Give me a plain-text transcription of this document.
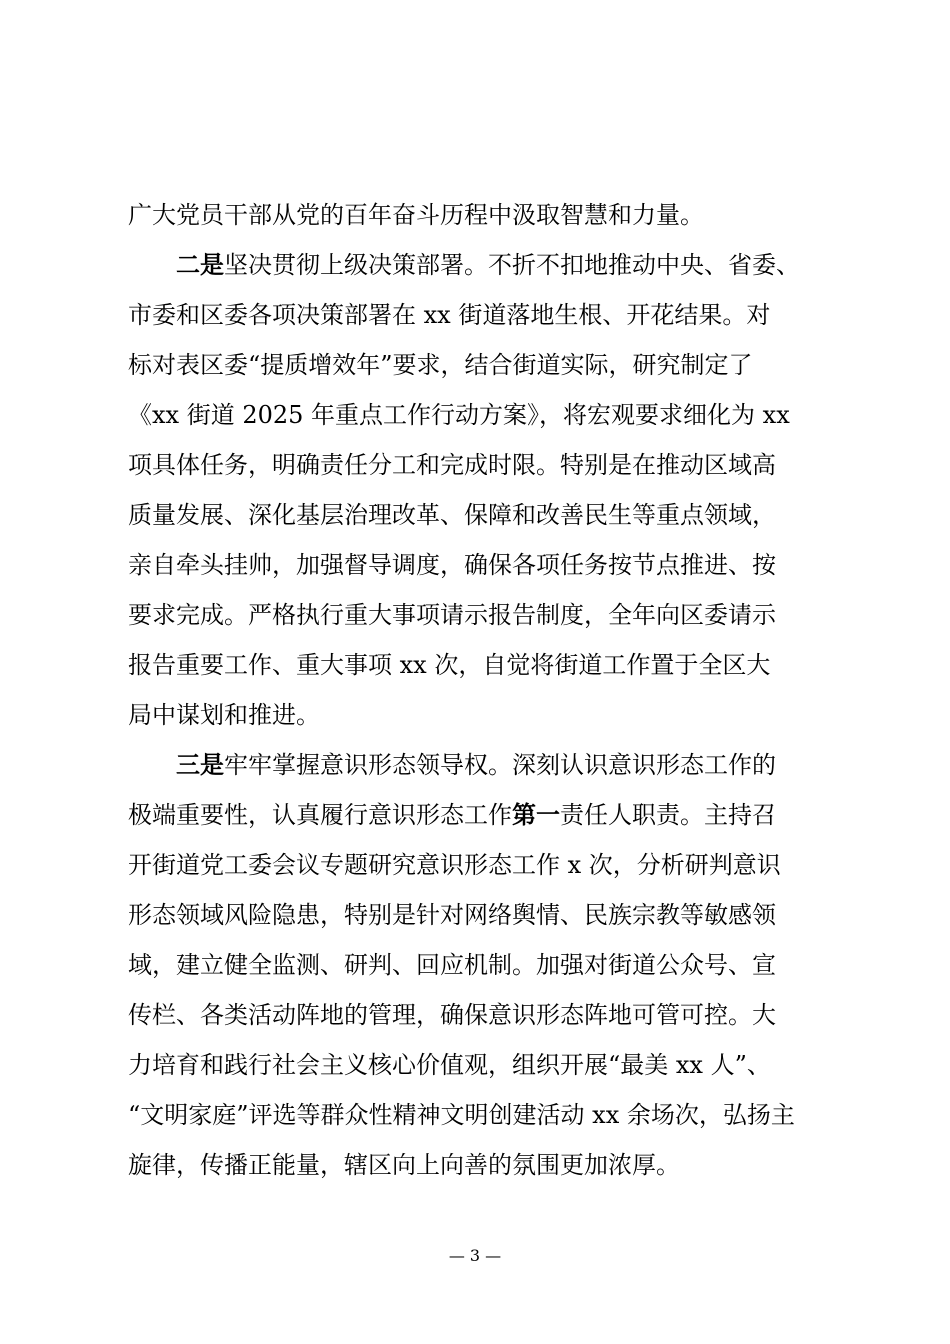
广大党员干部从党的百年奋斗历程中汲取智慧和力量。
二是坚决贯彻上级决策部署。不折不扣地推动中央、省委、
市委和区委各项决策部署在 xx 街道落地生根、开花结果。对
标对表区委“提质增效年”要求，结合街道实际，研究制定了
《xx 街道 2025 年重点工作行动方案》，将宏观要求细化为 xx
项具体任务，明确责任分工和完成时限。特别是在推动区域高
质量发展、深化基层治理改革、保障和改善民生等重点领域，
亲自牵头挂帅，加强督导调度，确保各项任务按节点推进、按
要求完成。严格执行重大事项请示报告制度，全年向区委请示
报告重要工作、重大事项 xx 次，自觉将街道工作置于全区大
局中谋划和推进。
三是牢牢掌握意识形态领导权。深刻认识意识形态工作的
极端重要性，认真履行意识形态工作第一责任人职责。主持召
开街道党工委会议专题研究意识形态工作 x 次，分析研判意识
形态领域风险隐患，特别是针对网络舆情、民族宗教等敏感领
域，建立健全监测、研判、回应机制。加强对街道公众号、宣
传栏、各类活动阵地的管理，确保意识形态阵地可管可控。大
力培育和践行社会主义核心价值观，组织开展“最美 xx 人”、
“文明家庭”评选等群众性精神文明创建活动 xx 余场次，弘扬主
旋律，传播正能量，辖区向上向善的氛围更加浓厚。
— 3 —
